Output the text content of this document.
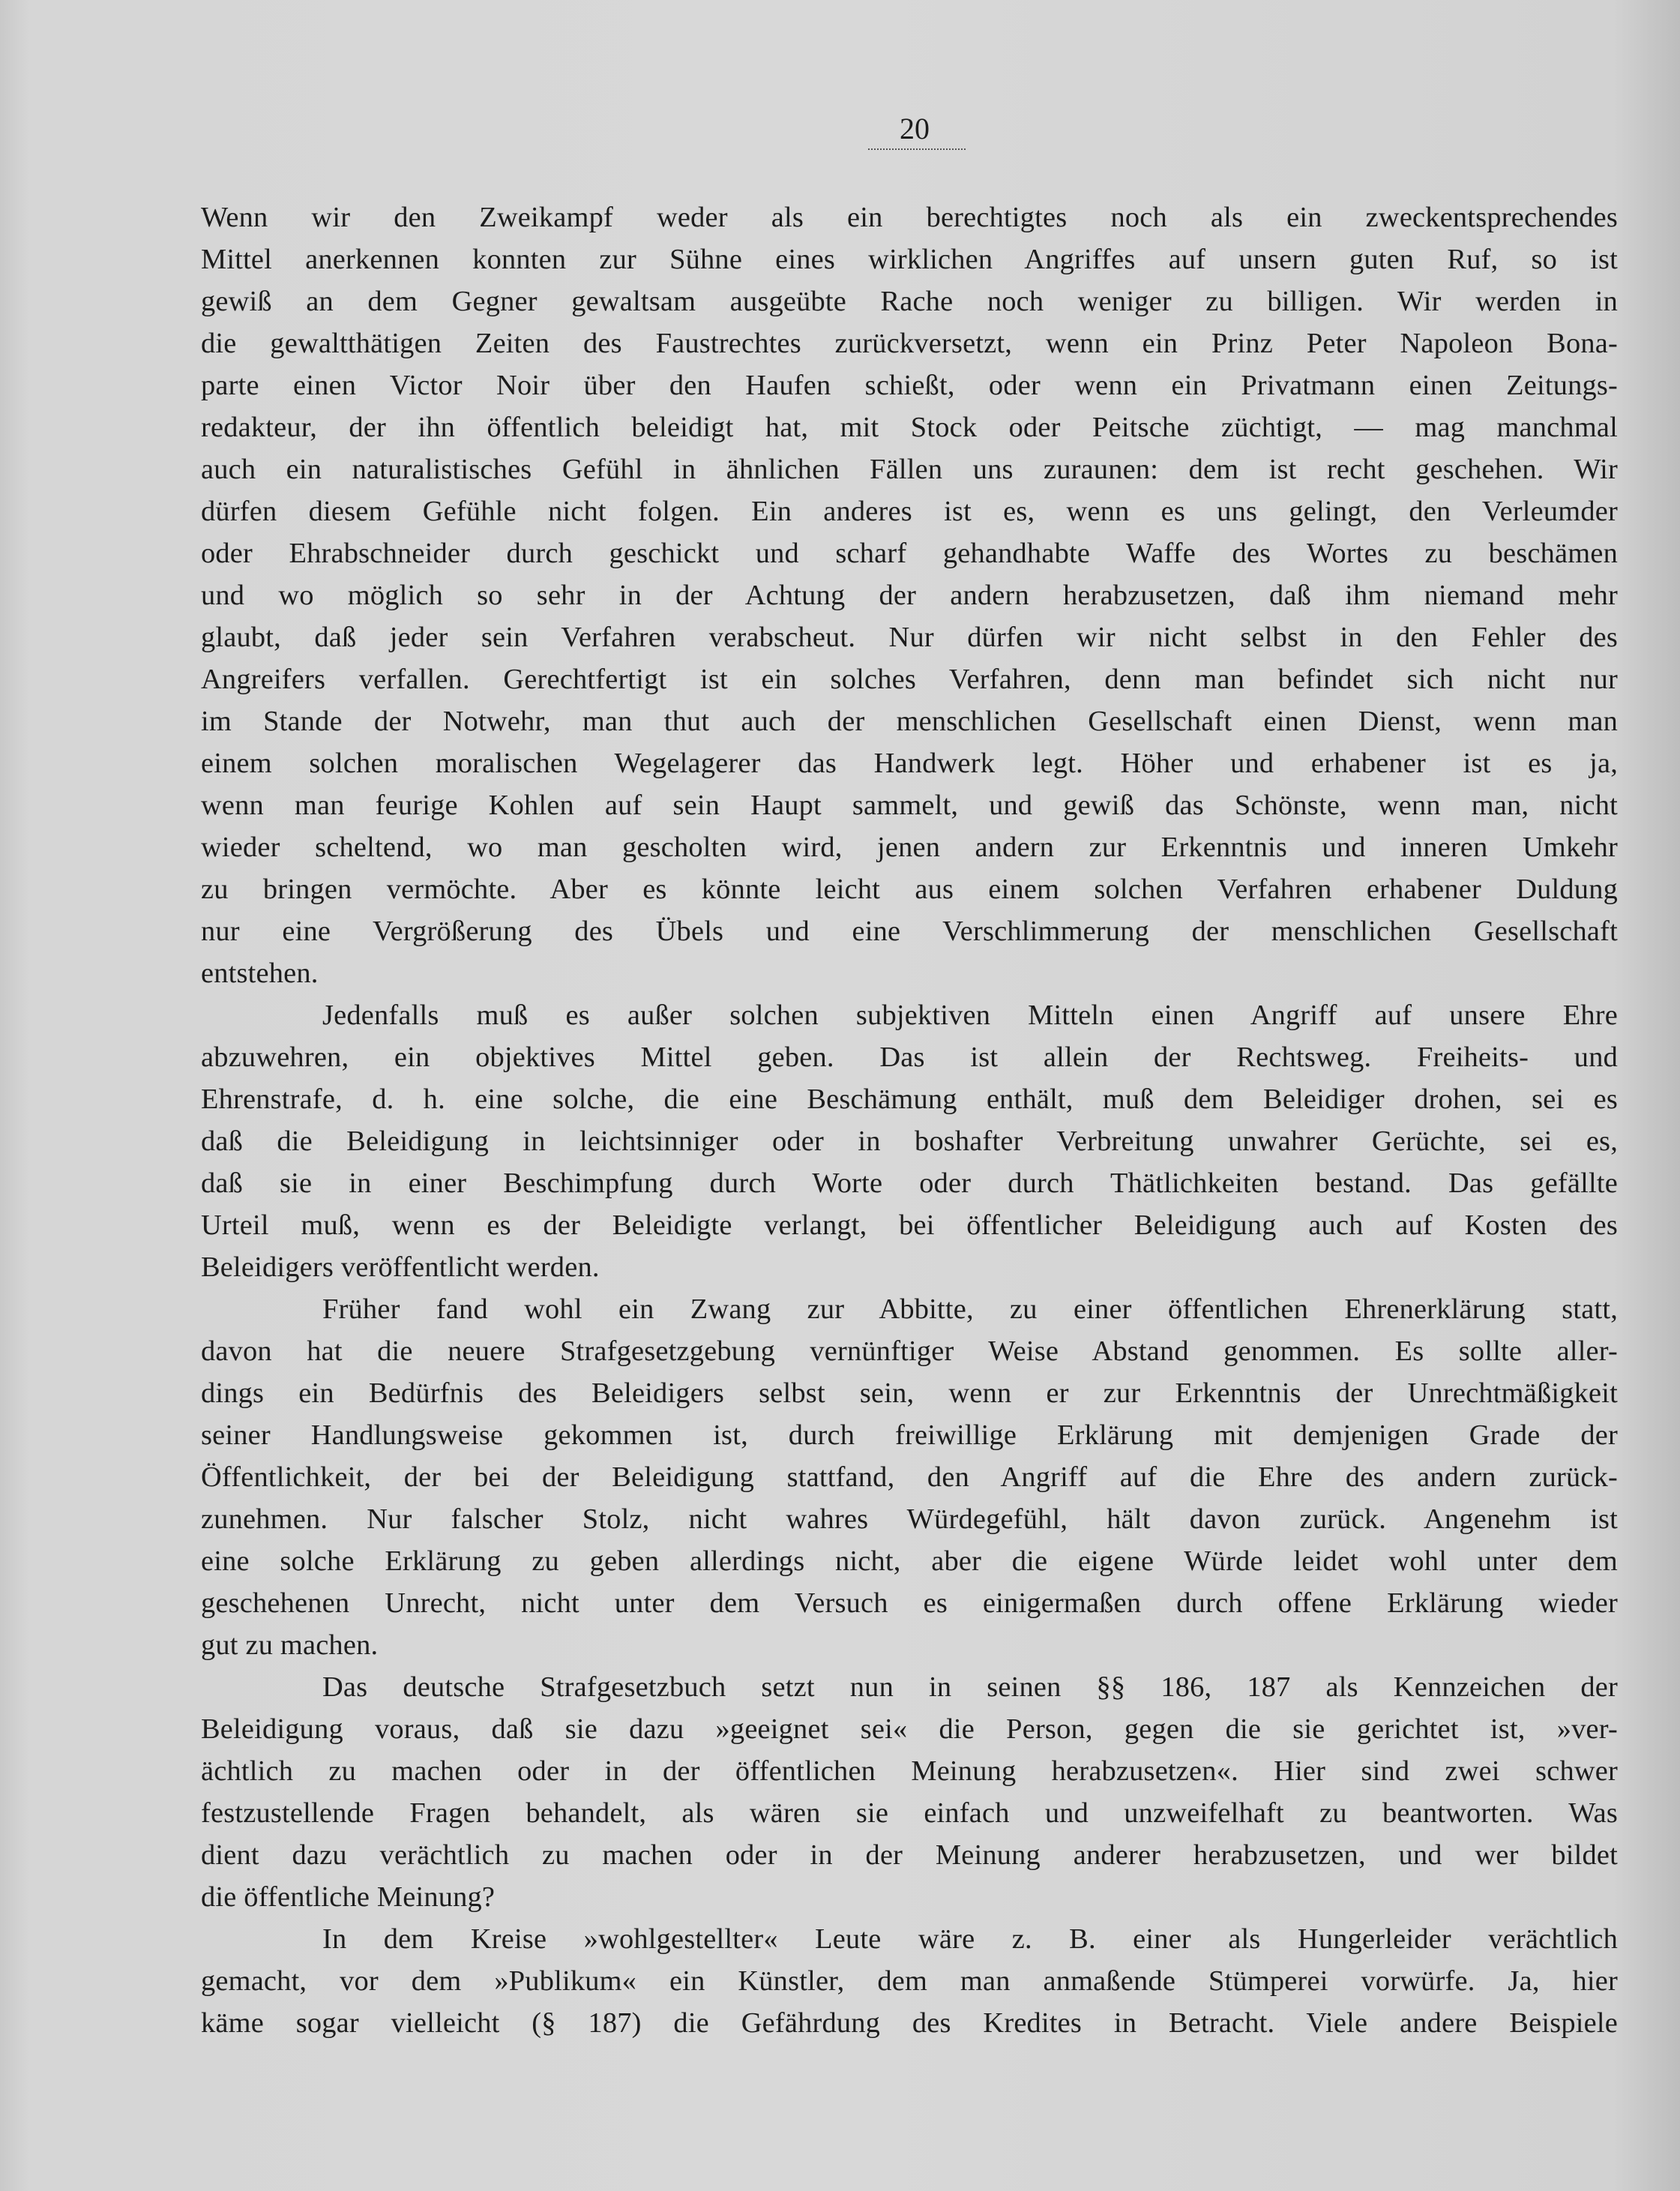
20
Wenn wir den Zweikampf weder als ein berechtigtes noch als ein zweckentsprechendes
Mittel anerkennen konnten zur Sühne eines wirklichen Angriffes auf unsern guten Ruf, so ist
gewiß an dem Gegner gewaltsam ausgeübte Rache noch weniger zu billigen. Wir werden in
die gewaltthätigen Zeiten des Faustrechtes zurückversetzt, wenn ein Prinz Peter Napoleon Bona-
parte einen Victor Noir über den Haufen schießt, oder wenn ein Privatmann einen Zeitungs-
redakteur, der ihn öffentlich beleidigt hat, mit Stock oder Peitsche züchtigt, — mag manchmal
auch ein naturalistisches Gefühl in ähnlichen Fällen uns zuraunen: dem ist recht geschehen. Wir
dürfen diesem Gefühle nicht folgen. Ein anderes ist es, wenn es uns gelingt, den Verleumder
oder Ehrabschneider durch geschickt und scharf gehandhabte Waffe des Wortes zu beschämen
und wo möglich so sehr in der Achtung der andern herabzusetzen, daß ihm niemand mehr
glaubt, daß jeder sein Verfahren verabscheut. Nur dürfen wir nicht selbst in den Fehler des
Angreifers verfallen. Gerechtfertigt ist ein solches Verfahren, denn man befindet sich nicht nur
im Stande der Notwehr, man thut auch der menschlichen Gesellschaft einen Dienst, wenn man
einem solchen moralischen Wegelagerer das Handwerk legt. Höher und erhabener ist es ja,
wenn man feurige Kohlen auf sein Haupt sammelt, und gewiß das Schönste, wenn man, nicht
wieder scheltend, wo man gescholten wird, jenen andern zur Erkenntnis und inneren Umkehr
zu bringen vermöchte. Aber es könnte leicht aus einem solchen Verfahren erhabener Duldung
nur eine Vergrößerung des Übels und eine Verschlimmerung der menschlichen Gesellschaft
entstehen.
Jedenfalls muß es außer solchen subjektiven Mitteln einen Angriff auf unsere Ehre
abzuwehren, ein objektives Mittel geben. Das ist allein der Rechtsweg. Freiheits- und
Ehrenstrafe, d. h. eine solche, die eine Beschämung enthält, muß dem Beleidiger drohen, sei es
daß die Beleidigung in leichtsinniger oder in boshafter Verbreitung unwahrer Gerüchte, sei es,
daß sie in einer Beschimpfung durch Worte oder durch Thätlichkeiten bestand. Das gefällte
Urteil muß, wenn es der Beleidigte verlangt, bei öffentlicher Beleidigung auch auf Kosten des
Beleidigers veröffentlicht werden.
Früher fand wohl ein Zwang zur Abbitte, zu einer öffentlichen Ehrenerklärung statt,
davon hat die neuere Strafgesetzgebung vernünftiger Weise Abstand genommen. Es sollte aller-
dings ein Bedürfnis des Beleidigers selbst sein, wenn er zur Erkenntnis der Unrechtmäßigkeit
seiner Handlungsweise gekommen ist, durch freiwillige Erklärung mit demjenigen Grade der
Öffentlichkeit, der bei der Beleidigung stattfand, den Angriff auf die Ehre des andern zurück-
zunehmen. Nur falscher Stolz, nicht wahres Würdegefühl, hält davon zurück. Angenehm ist
eine solche Erklärung zu geben allerdings nicht, aber die eigene Würde leidet wohl unter dem
geschehenen Unrecht, nicht unter dem Versuch es einigermaßen durch offene Erklärung wieder
gut zu machen.
Das deutsche Strafgesetzbuch setzt nun in seinen §§ 186, 187 als Kennzeichen der
Beleidigung voraus, daß sie dazu »geeignet sei« die Person, gegen die sie gerichtet ist, »ver-
ächtlich zu machen oder in der öffentlichen Meinung herabzusetzen«. Hier sind zwei schwer
festzustellende Fragen behandelt, als wären sie einfach und unzweifelhaft zu beantworten. Was
dient dazu verächtlich zu machen oder in der Meinung anderer herabzusetzen, und wer bildet
die öffentliche Meinung?
In dem Kreise »wohlgestellter« Leute wäre z. B. einer als Hungerleider verächtlich
gemacht, vor dem »Publikum« ein Künstler, dem man anmaßende Stümperei vorwürfe. Ja, hier
käme sogar vielleicht (§ 187) die Gefährdung des Kredites in Betracht. Viele andere Beispiele
